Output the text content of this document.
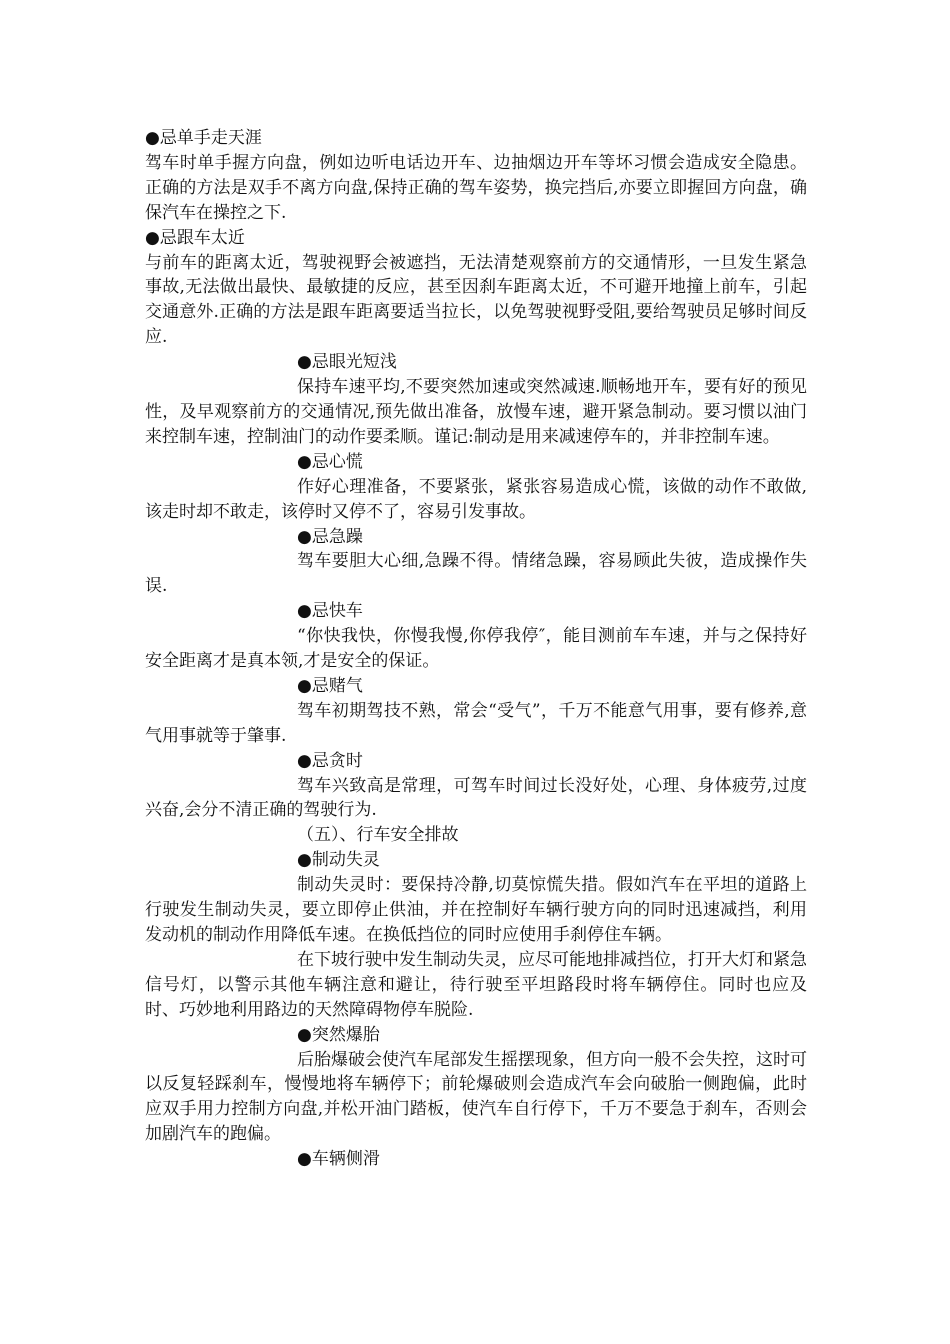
●忌单手走天涯

驾车时单手握方向盘，例如边听电话边开车、边抽烟边开车等坏习惯会造成安全隐患。正确的方法是双手不离方向盘,保持正确的驾车姿势，换完挡后,亦要立即握回方向盘，确保汽车在操控之下.

●忌跟车太近

与前车的距离太近，驾驶视野会被遮挡，无法清楚观察前方的交通情形，一旦发生紧急事故,无法做出最快、最敏捷的反应，甚至因刹车距离太近，不可避开地撞上前车，引起交通意外.正确的方法是跟车距离要适当拉长，以免驾驶视野受阻,要给驾驶员足够时间反应.

●忌眼光短浅

保持车速平均,不要突然加速或突然减速.顺畅地开车，要有好的预见性，及早观察前方的交通情况,预先做出准备，放慢车速，避开紧急制动。要习惯以油门来控制车速，控制油门的动作要柔顺。谨记:制动是用来减速停车的，并非控制车速。

●忌心慌

作好心理准备，不要紧张，紧张容易造成心慌，该做的动作不敢做,该走时却不敢走，该停时又停不了，容易引发事故。

●忌急躁

驾车要胆大心细,急躁不得。情绪急躁，容易顾此失彼，造成操作失误.

●忌快车

“你快我快，你慢我慢,你停我停″，能目测前车车速，并与之保持好安全距离才是真本领,才是安全的保证。

●忌赌气

驾车初期驾技不熟，常会“受气”，千万不能意气用事，要有修养,意气用事就等于肇事.

●忌贪时

驾车兴致高是常理，可驾车时间过长没好处，心理、身体疲劳,过度兴奋,会分不清正确的驾驶行为.

（五）、行车安全排故

●制动失灵

制动失灵时：要保持冷静,切莫惊慌失措。假如汽车在平坦的道路上行驶发生制动失灵，要立即停止供油，并在控制好车辆行驶方向的同时迅速减挡，利用发动机的制动作用降低车速。在换低挡位的同时应使用手刹停住车辆。

在下坡行驶中发生制动失灵，应尽可能地排减挡位，打开大灯和紧急信号灯，以警示其他车辆注意和避让，待行驶至平坦路段时将车辆停住。同时也应及时、巧妙地利用路边的天然障碍物停车脱险.

●突然爆胎

后胎爆破会使汽车尾部发生摇摆现象，但方向一般不会失控，这时可以反复轻踩刹车，慢慢地将车辆停下；前轮爆破则会造成汽车会向破胎一侧跑偏，此时应双手用力控制方向盘,并松开油门踏板，使汽车自行停下，千万不要急于刹车，否则会加剧汽车的跑偏。

●车辆侧滑
